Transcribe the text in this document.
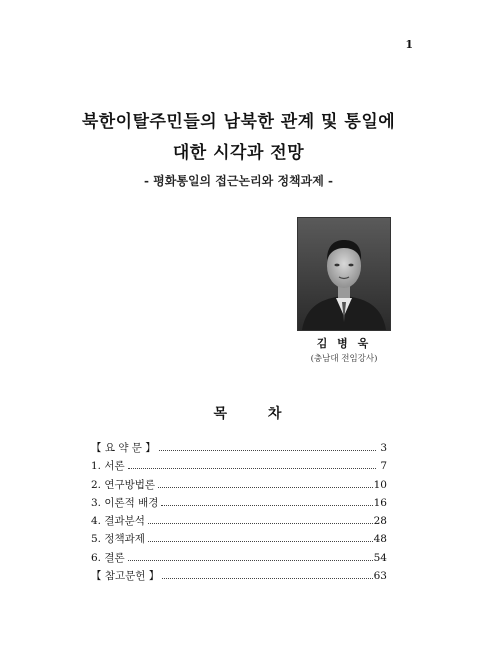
1
북한이탈주민들의 남북한 관계 및 통일에
대한 시각과 전망
- 평화통일의 접근논리와 정책과제 -
김 병 욱
(충남대 전임강사)
목 차
【 요 약 문 】	3
1. 서론	7
2. 연구방법론	10
3. 이론적 배경	16
4. 결과분석	28
5. 정책과제	48
6. 결론	54
【 참고문헌 】	63
